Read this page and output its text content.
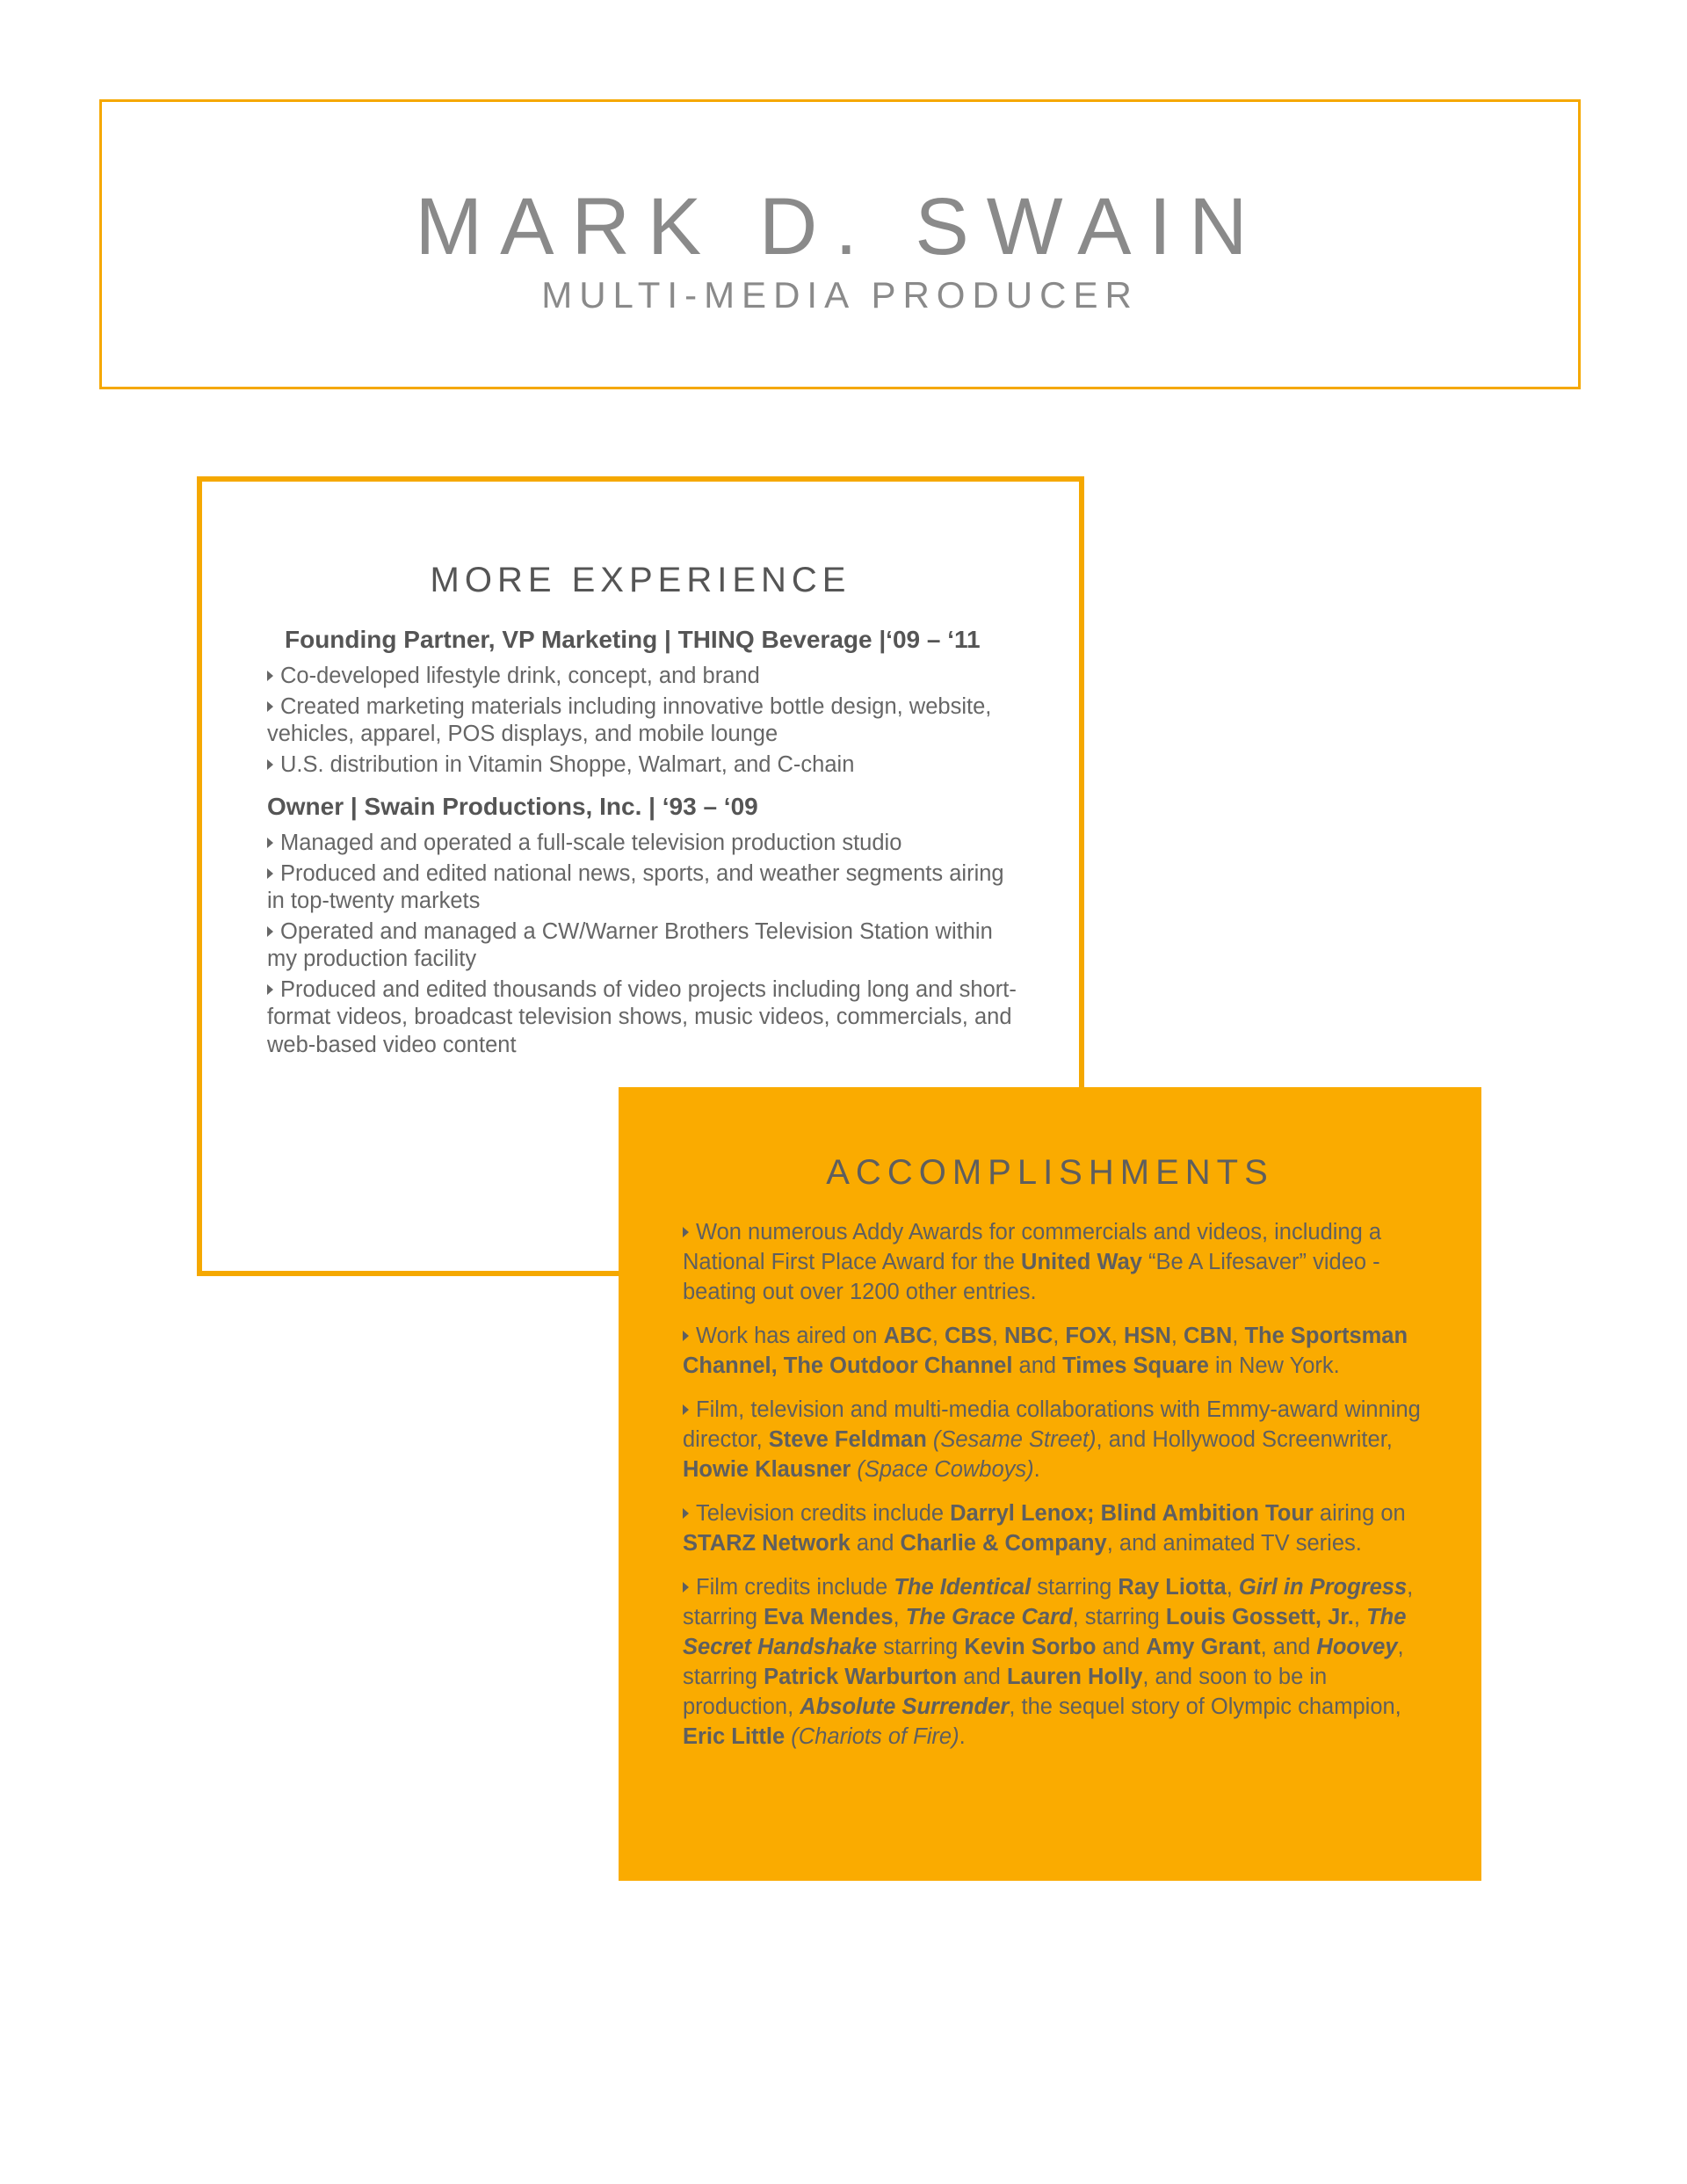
MARK D. SWAIN

MULTI-MEDIA PRODUCER

MORE EXPERIENCE

Founding Partner, VP Marketing | THINQ Beverage |‘09 – ‘11

Co-developed lifestyle drink, concept, and brand

Created marketing materials including innovative bottle design, website, vehicles, apparel, POS displays, and mobile lounge

U.S. distribution in Vitamin Shoppe, Walmart, and C-chain

Owner | Swain Productions, Inc. | ‘93 – ‘09

Managed and operated a full-scale television production studio

Produced and edited national news, sports, and weather segments airing in top-twenty markets

Operated and managed a CW/Warner Brothers Television Station within my production facility

Produced and edited thousands of video projects including long and short-format videos, broadcast television shows, music videos, commercials, and web-based video content

ACCOMPLISHMENTS

Won numerous Addy Awards for commercials and videos, including a National First Place Award for the United Way “Be A Lifesaver” video - beating out over 1200 other entries.

Work has aired on ABC, CBS, NBC, FOX, HSN, CBN, The Sportsman Channel, The Outdoor Channel and Times Square in New York.

Film, television and multi-media collaborations with Emmy-award winning director, Steve Feldman (Sesame Street), and Hollywood Screenwriter, Howie Klausner (Space Cowboys).

Television credits include Darryl Lenox; Blind Ambition Tour airing on STARZ Network and Charlie & Company, and animated TV series.

Film credits include The Identical starring Ray Liotta, Girl in Progress, starring Eva Mendes, The Grace Card, starring Louis Gossett, Jr., The Secret Handshake starring Kevin Sorbo and Amy Grant, and Hoovey, starring Patrick Warburton and Lauren Holly, and soon to be in production, Absolute Surrender, the sequel story of Olympic champion, Eric Little (Chariots of Fire).
